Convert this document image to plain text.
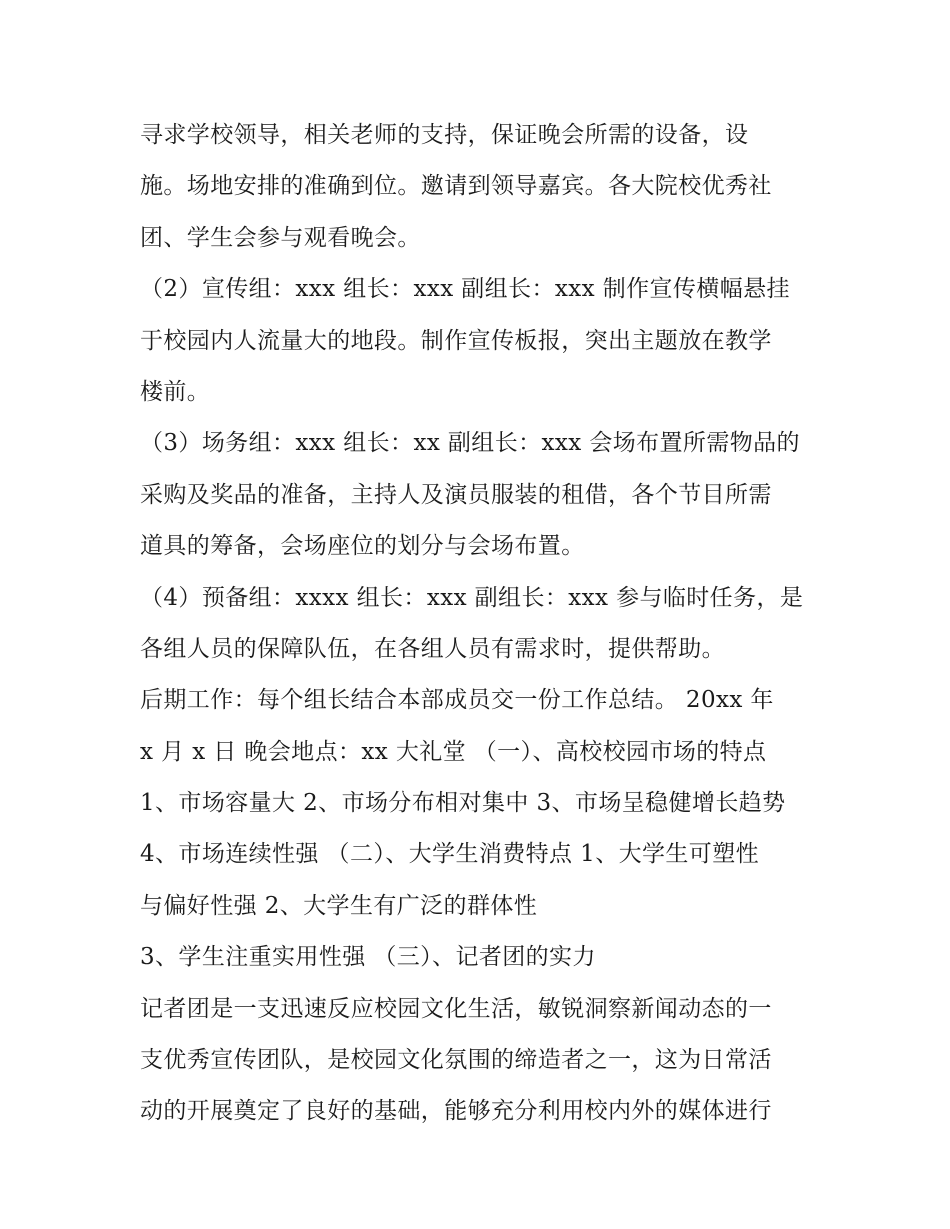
寻求学校领导，相关老师的支持，保证晚会所需的设备，设
施。场地安排的准确到位。邀请到领导嘉宾。各大院校优秀社
团、学生会参与观看晚会。
（2）宣传组：xxx 组长：xxx 副组长：xxx 制作宣传横幅悬挂
于校园内人流量大的地段。制作宣传板报，突出主题放在教学
楼前。
（3）场务组：xxx 组长：xx 副组长：xxx 会场布置所需物品的
采购及奖品的准备，主持人及演员服装的租借，各个节目所需
道具的筹备，会场座位的划分与会场布置。
（4）预备组：xxxx 组长：xxx 副组长：xxx 参与临时任务，是
各组人员的保障队伍，在各组人员有需求时，提供帮助。
后期工作：每个组长结合本部成员交一份工作总结。 20xx 年
x 月 x 日 晚会地点：xx 大礼堂 （一）、高校校园市场的特点
1、市场容量大 2、市场分布相对集中 3、市场呈稳健增长趋势
4、市场连续性强 （二）、大学生消费特点 1、大学生可塑性
与偏好性强 2、大学生有广泛的群体性
3、学生注重实用性强 （三）、记者团的实力
记者团是一支迅速反应校园文化生活，敏锐洞察新闻动态的一
支优秀宣传团队，是校园文化氛围的缔造者之一，这为日常活
动的开展奠定了良好的基础，能够充分利用校内外的媒体进行
